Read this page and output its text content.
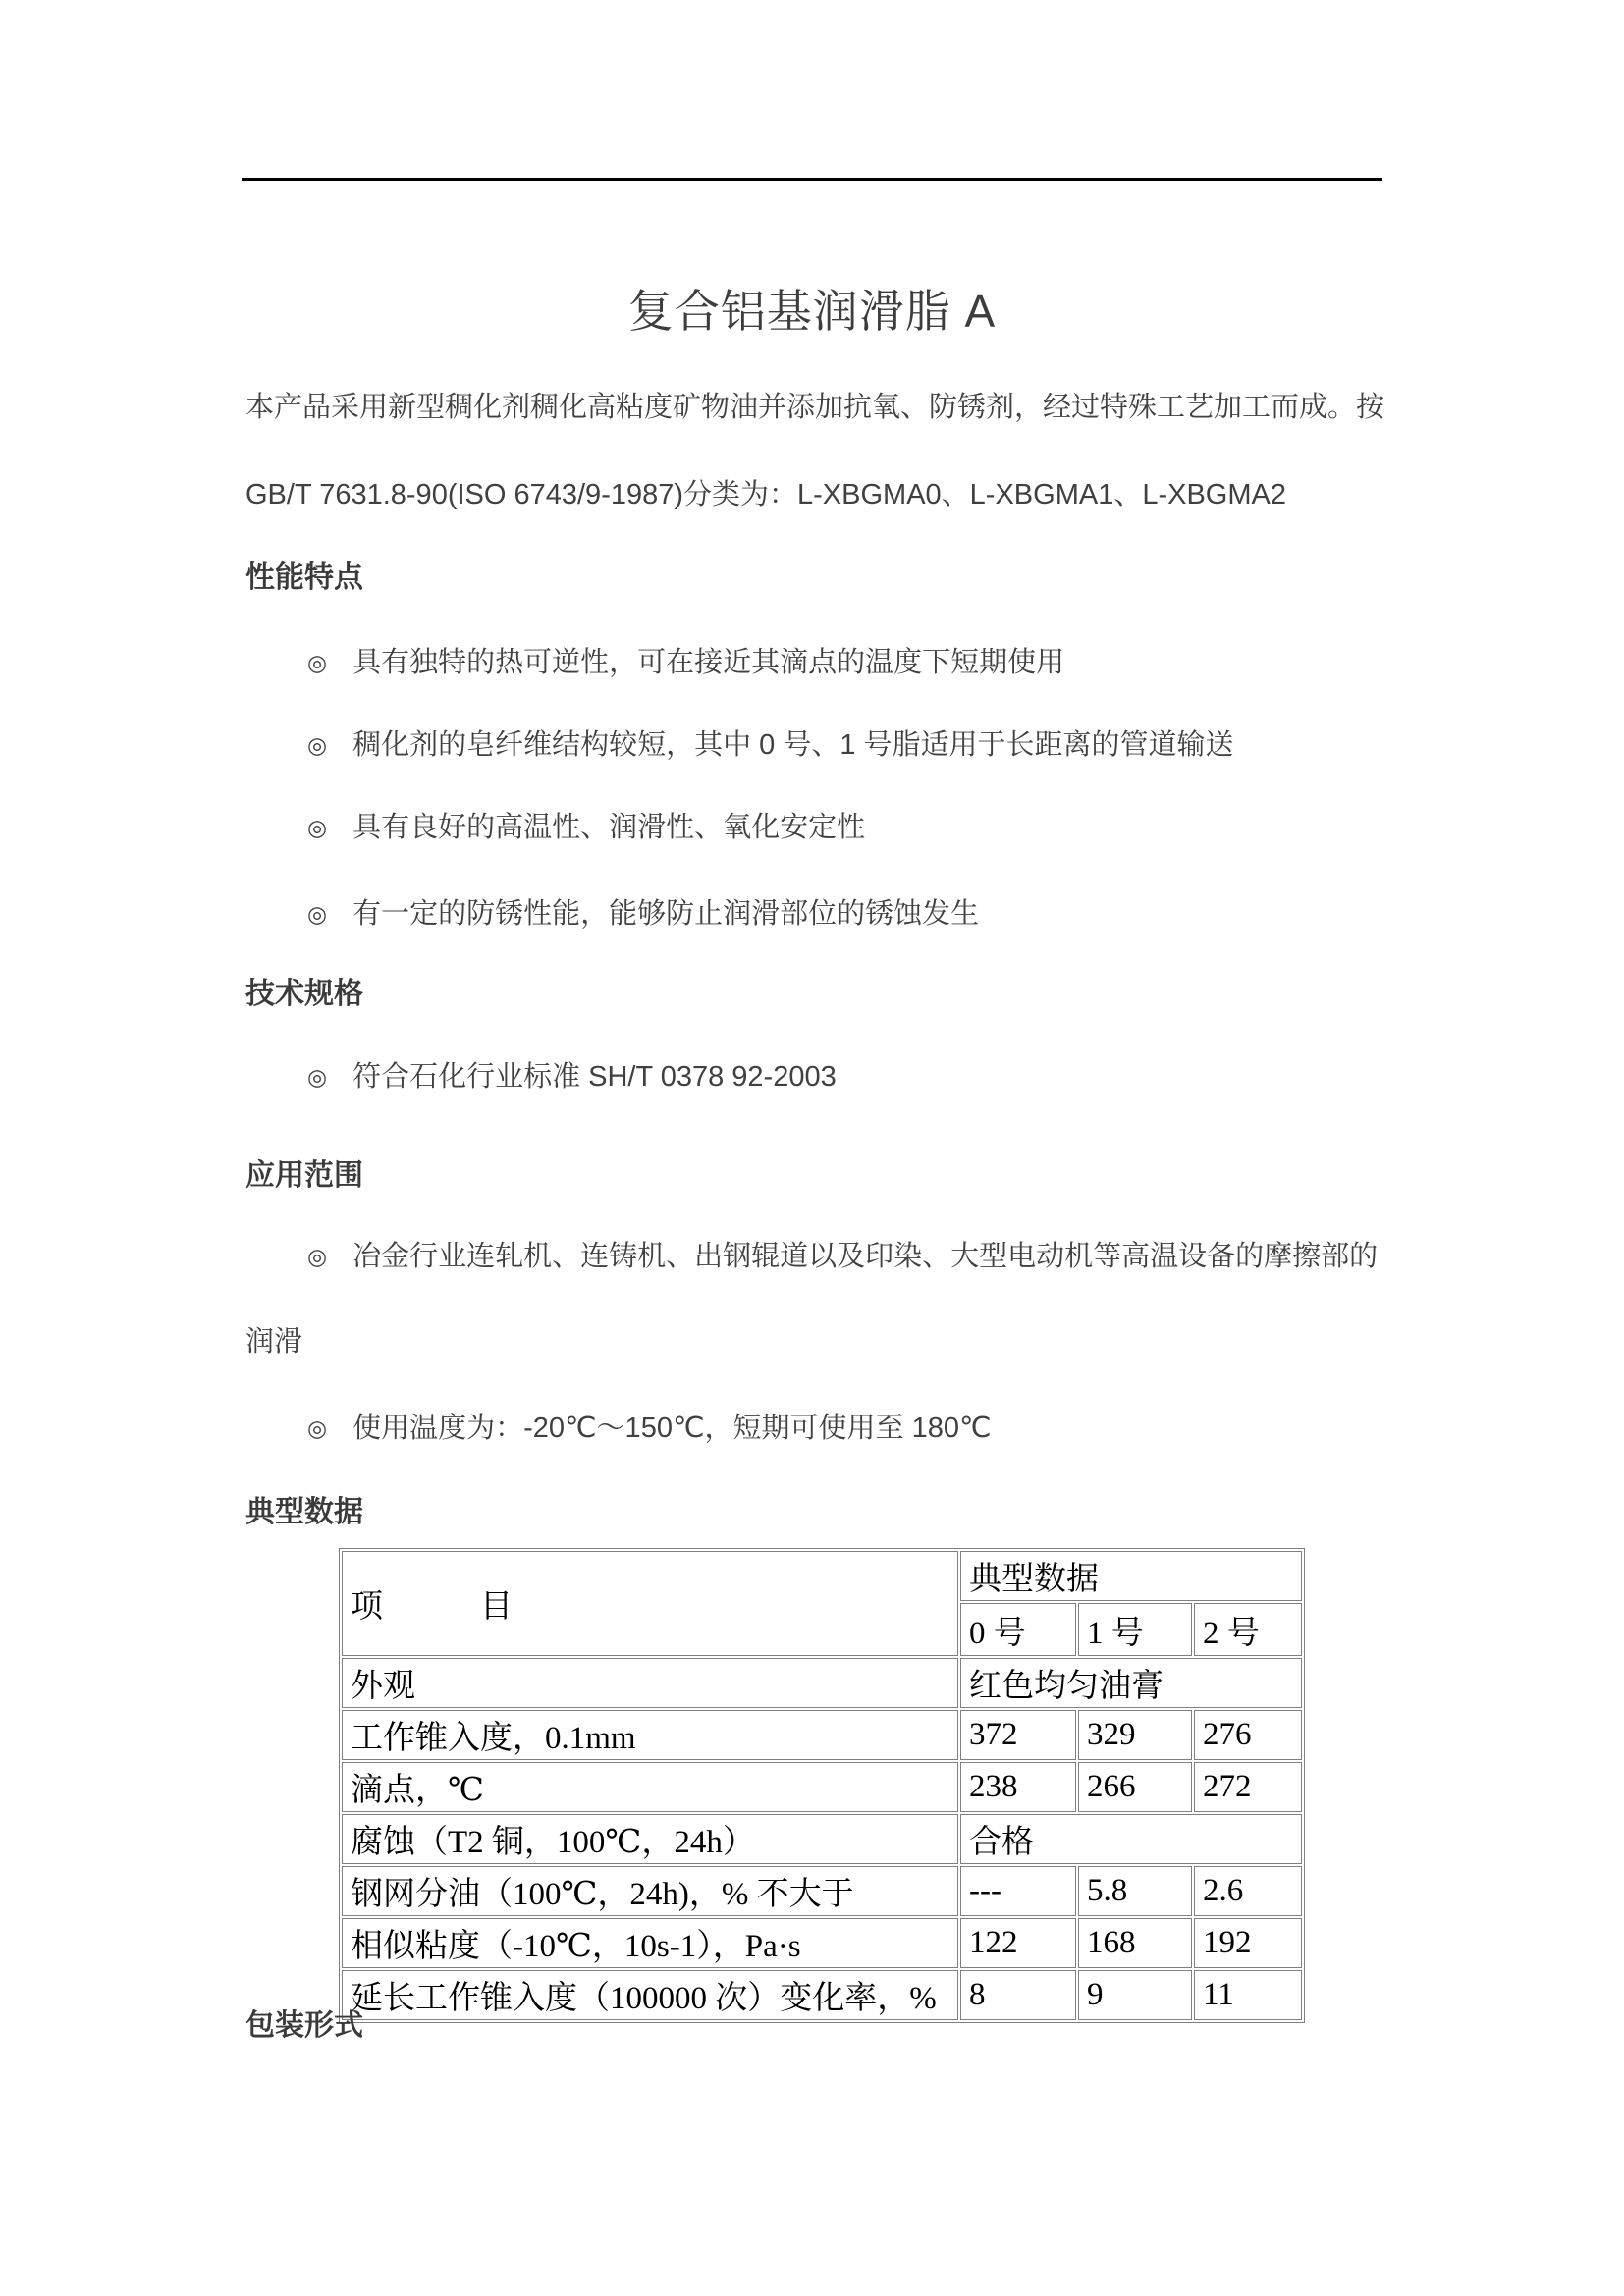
复合铝基润滑脂 A
本产品采用新型稠化剂稠化高粘度矿物油并添加抗氧、防锈剂，经过特殊工艺加工而成。按
GB/T 7631.8-90(ISO 6743/9-1987)分类为：L-XBGMA0、L-XBGMA1、L-XBGMA2
性能特点
◎ 具有独特的热可逆性，可在接近其滴点的温度下短期使用
◎ 稠化剂的皂纤维结构较短，其中 0 号、1 号脂适用于长距离的管道输送
◎ 具有良好的高温性、润滑性、氧化安定性
◎ 有一定的防锈性能，能够防止润滑部位的锈蚀发生
技术规格
◎ 符合石化行业标准 SH/T 0378 92-2003
应用范围
◎ 冶金行业连轧机、连铸机、出钢辊道以及印染、大型电动机等高温设备的摩擦部的
润滑
◎ 使用温度为：-20℃～150℃，短期可使用至 180℃
典型数据
项　　　目	典型数据		
	0 号	1 号	2 号
外观	红色均匀油膏		
工作锥入度，0.1mm	372	329	276
滴点，℃	238	266	272
腐蚀（T2 铜，100℃，24h）	合格		
钢网分油（100℃，24h)，% 不大于	---	5.8	2.6
相似粘度（-10℃，10s-1），Pa·s	122	168	192
延长工作锥入度（100000 次）变化率，%	8	9	11
包装形式
